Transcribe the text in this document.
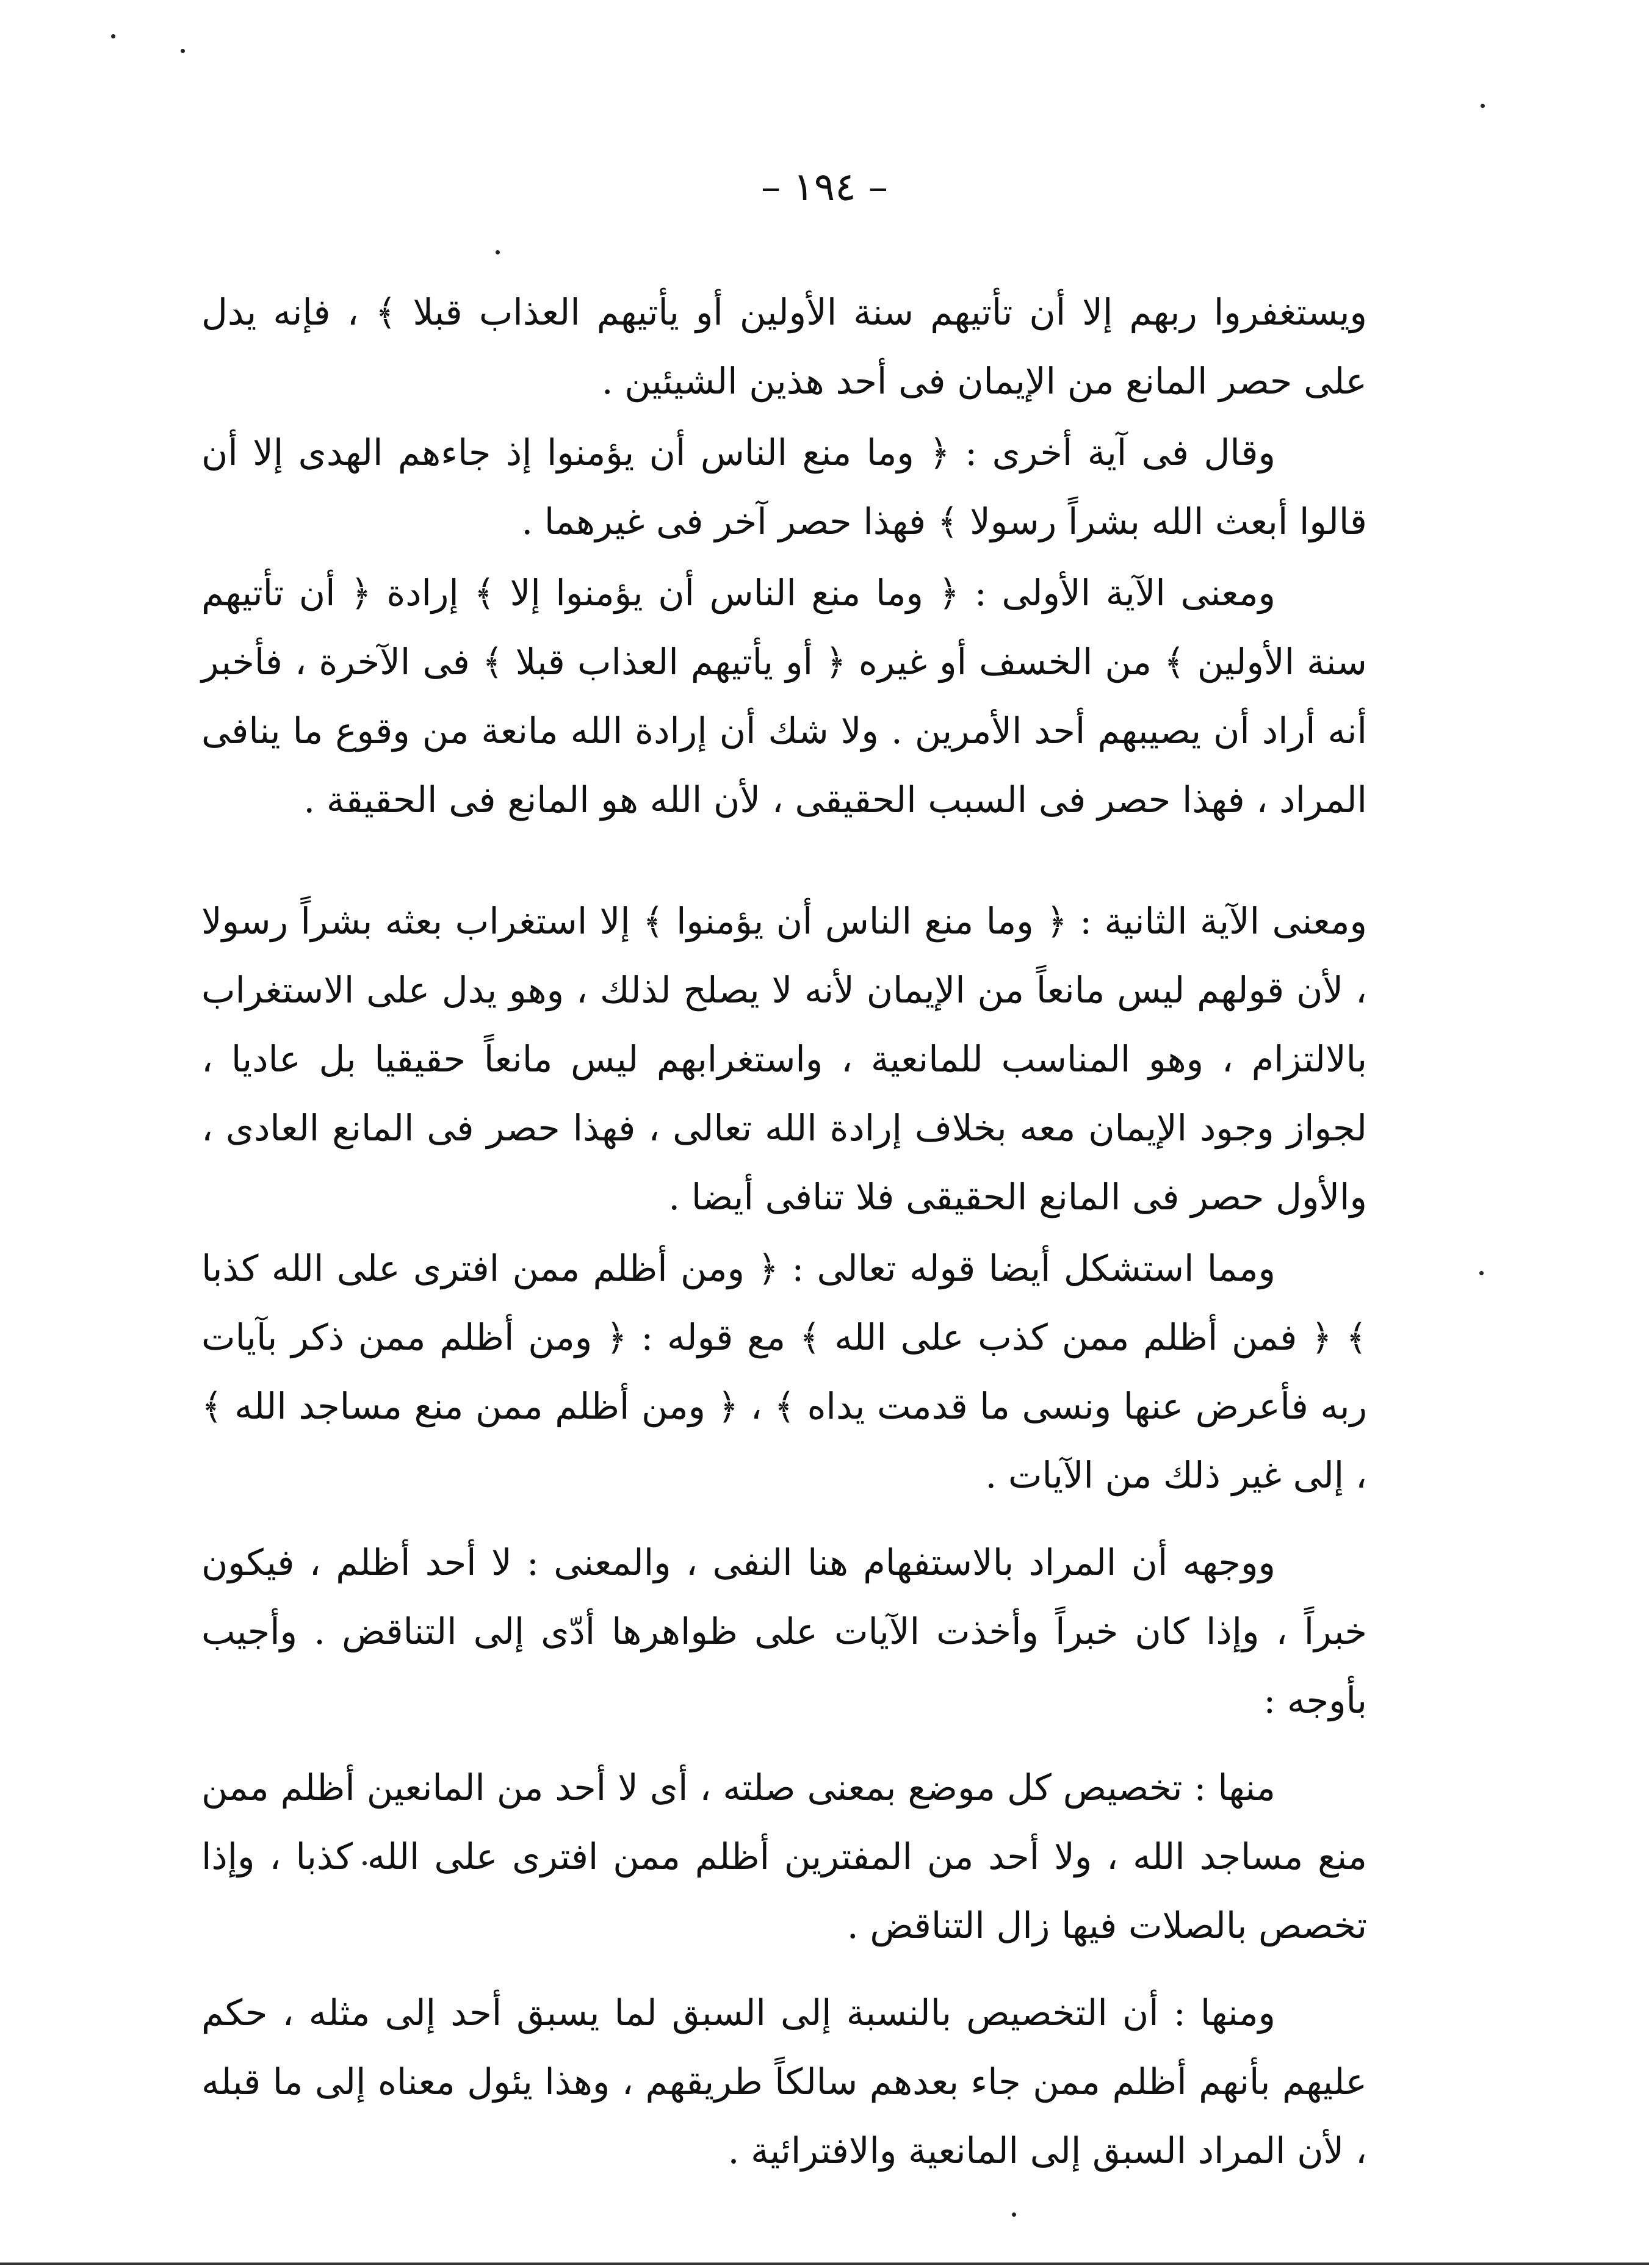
– ١٩٤ –

ويستغفروا ربهم إلا أن تأتيهم سنة الأولين أو يأتيهم العذاب قبلا ﴾ ، فإنه يدل على حصر المانع من الإيمان فى أحد هذين الشيئين .

وقال فى آية أخرى : ﴿ وما منع الناس أن يؤمنوا إذ جاءهم الهدى إلا أن قالوا أبعث الله بشراً رسولا ﴾ فهذا حصر آخر فى غيرهما .

ومعنى الآية الأولى : ﴿ وما منع الناس أن يؤمنوا إلا ﴾ إرادة ﴿ أن تأتيهم سنة الأولين ﴾ من الخسف أو غيره ﴿ أو يأتيهم العذاب قبلا ﴾ فى الآخرة ، فأخبر أنه أراد أن يصيبهم أحد الأمرين . ولا شك أن إرادة الله مانعة من وقوع ما ينافى المراد ، فهذا حصر فى السبب الحقيقى ، لأن الله هو المانع فى الحقيقة .

ومعنى الآية الثانية : ﴿ وما منع الناس أن يؤمنوا ﴾ إلا استغراب بعثه بشراً رسولا ، لأن قولهم ليس مانعاً من الإيمان لأنه لا يصلح لذلك ، وهو يدل على الاستغراب بالالتزام ، وهو المناسب للمانعية ، واستغرابهم ليس مانعاً حقيقيا بل عاديا ، لجواز وجود الإيمان معه بخلاف إرادة الله تعالى ، فهذا حصر فى المانع العادى ، والأول حصر فى المانع الحقيقى فلا تنافى أيضا .

ومما استشكل أيضا قوله تعالى : ﴿ ومن أظلم ممن افترى على الله كذبا ﴾ ﴿ فمن أظلم ممن كذب على الله ﴾ مع قوله : ﴿ ومن أظلم ممن ذكر بآيات ربه فأعرض عنها ونسى ما قدمت يداه ﴾ ، ﴿ ومن أظلم ممن منع مساجد الله ﴾ ، إلى غير ذلك من الآيات .

ووجهه أن المراد بالاستفهام هنا النفى ، والمعنى : لا أحد أظلم ، فيكون خبراً ، وإذا كان خبراً وأخذت الآيات على ظواهرها أدّى إلى التناقض . وأجيب بأوجه :

منها : تخصيص كل موضع بمعنى صلته ، أى لا أحد من المانعين أظلم ممن منع مساجد الله ، ولا أحد من المفترين أظلم ممن افترى على الله كذبا ، وإذا تخصص بالصلات فيها زال التناقض .

ومنها : أن التخصيص بالنسبة إلى السبق لما يسبق أحد إلى مثله ، حكم عليهم بأنهم أظلم ممن جاء بعدهم سالكاً طريقهم ، وهذا يئول معناه إلى ما قبله ، لأن المراد السبق إلى المانعية والافترائية .
